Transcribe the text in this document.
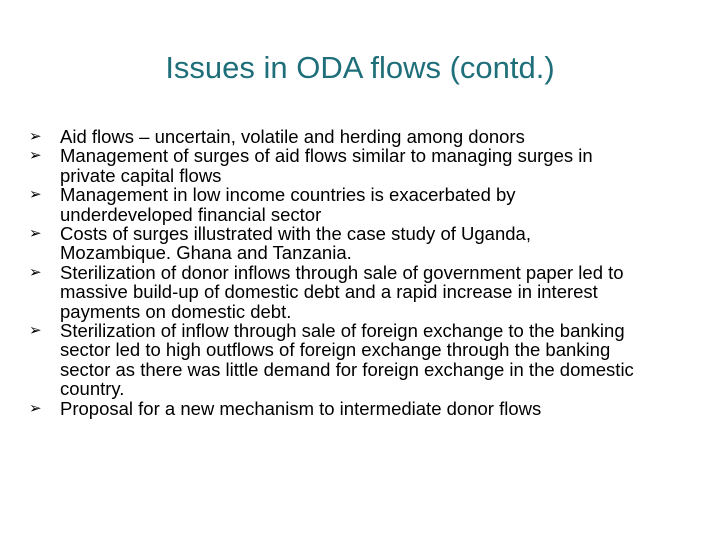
Issues in ODA flows (contd.)
➢ Aid flows – uncertain, volatile and herding among donors
➢ Management of surges of aid flows similar to managing surges in private capital flows
➢ Management in low income countries is exacerbated by underdeveloped financial sector
➢ Costs of surges illustrated with the case study of Uganda, Mozambique. Ghana and Tanzania.
➢ Sterilization of donor inflows through sale of government paper led to massive build-up of domestic debt and a rapid increase in interest payments on domestic debt.
➢ Sterilization of inflow through sale of foreign exchange to the banking sector led to high outflows of foreign exchange through the banking sector as there was little demand for foreign exchange in the domestic country.
➢ Proposal for a new mechanism to intermediate donor flows
